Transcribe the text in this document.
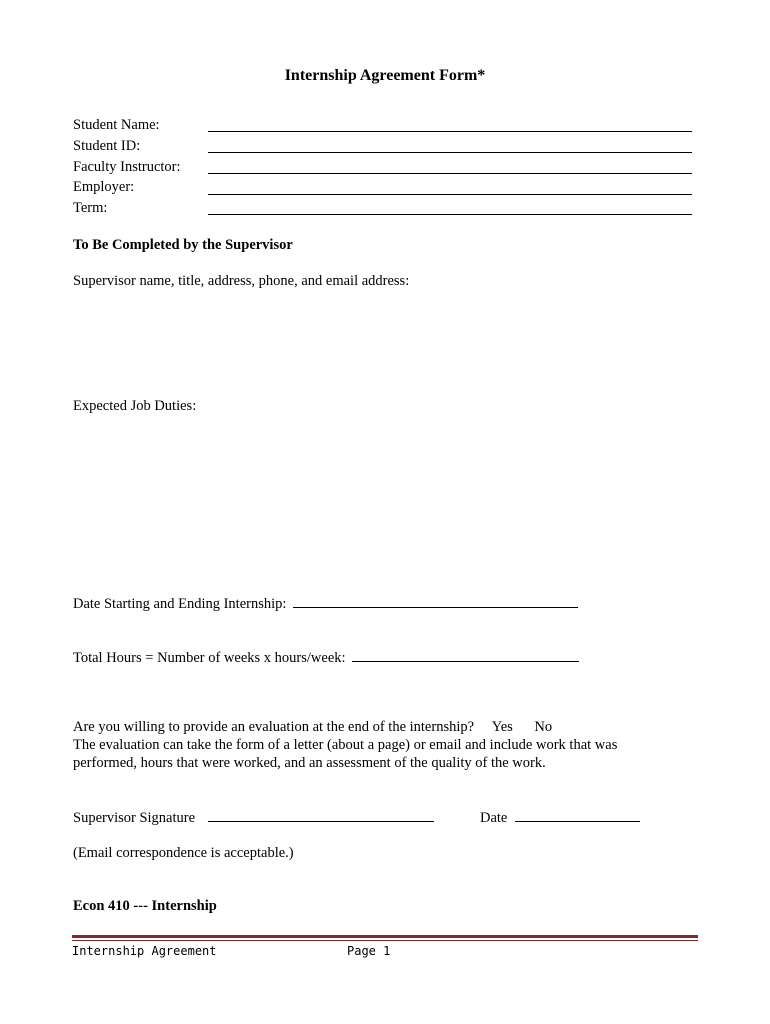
Internship Agreement Form*
Student Name:
Student ID:
Faculty Instructor:
Employer:
Term:
To Be Completed by the Supervisor
Supervisor name, title, address, phone, and email address:
Expected Job Duties:
Date Starting and Ending Internship:
Total Hours = Number of weeks x hours/week:
Are you willing to provide an evaluation at the end of the internship? Yes No
The evaluation can take the form of a letter (about a page) or email and include work that was
performed, hours that were worked, and an assessment of the quality of the work.
Supervisor Signature	Date
(Email correspondence is acceptable.)
Econ 410 --- Internship
Internship Agreement	Page 1
